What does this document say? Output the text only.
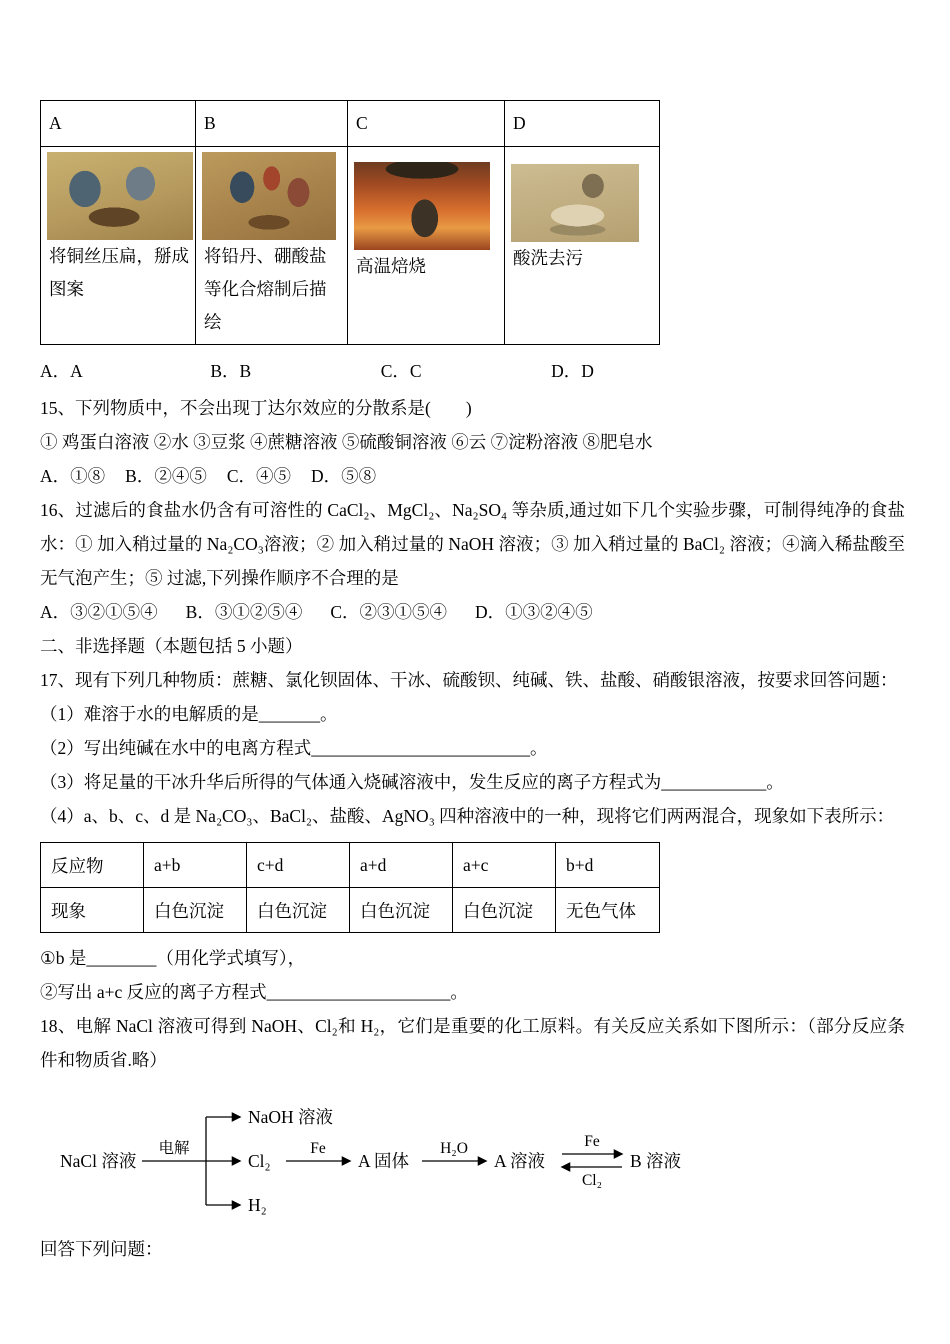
A	B	C	D

将铜丝压扁，掰成图案	将铅丹、硼酸盐等化合熔制后描绘	高温焙烧	酸洗去污
A．A	B．B	C．C	D．D

15、下列物质中，不会出现丁达尔效应的分散系是(　　)

① 鸡蛋白溶液 ②水 ③豆浆 ④蔗糖溶液 ⑤硫酸铜溶液 ⑥云 ⑦淀粉溶液 ⑧肥皂水

A．①⑧ B．②④⑤ C．④⑤ D．⑤⑧

16、过滤后的食盐水仍含有可溶性的 CaCl₂、MgCl₂、Na₂SO₄ 等杂质,通过如下几个实验步骤，可制得纯净的食盐水：① 加入稍过量的 Na₂CO₃溶液；② 加入稍过量的 NaOH 溶液；③ 加入稍过量的 BaCl₂ 溶液；④滴入稀盐酸至无气泡产生；⑤ 过滤,下列操作顺序不合理的是

A．③②①⑤④ B．③①②⑤④ C．②③①⑤④ D．①③②④⑤

二、非选择题（本题包括 5 小题）

17、现有下列几种物质：蔗糖、氯化钡固体、干冰、硫酸钡、纯碱、铁、盐酸、硝酸银溶液，按要求回答问题：

（1）难溶于水的电解质的是_______。

（2）写出纯碱在水中的电离方程式_________________________。

（3）将足量的干冰升华后所得的气体通入烧碱溶液中，发生反应的离子方程式为____________。

（4）a、b、c、d 是 Na₂CO₃、BaCl₂、盐酸、AgNO₃ 四种溶液中的一种，现将它们两两混合，现象如下表所示：

反应物	a+b	c+d	a+d	a+c	b+d
现象	白色沉淀	白色沉淀	白色沉淀	白色沉淀	无色气体

①b 是________（用化学式填写），

②写出 a+c 反应的离子方程式_____________________。

18、电解 NaCl 溶液可得到 NaOH、Cl₂和 H₂，它们是重要的化工原料。有关反应关系如下图所示：（部分反应条件和物质省.略）

NaCl 溶液
电解
NaOH 溶液
Cl₂
H₂
Fe
A 固体
H₂O
A 溶液
Fe
Cl₂
B 溶液

回答下列问题：
